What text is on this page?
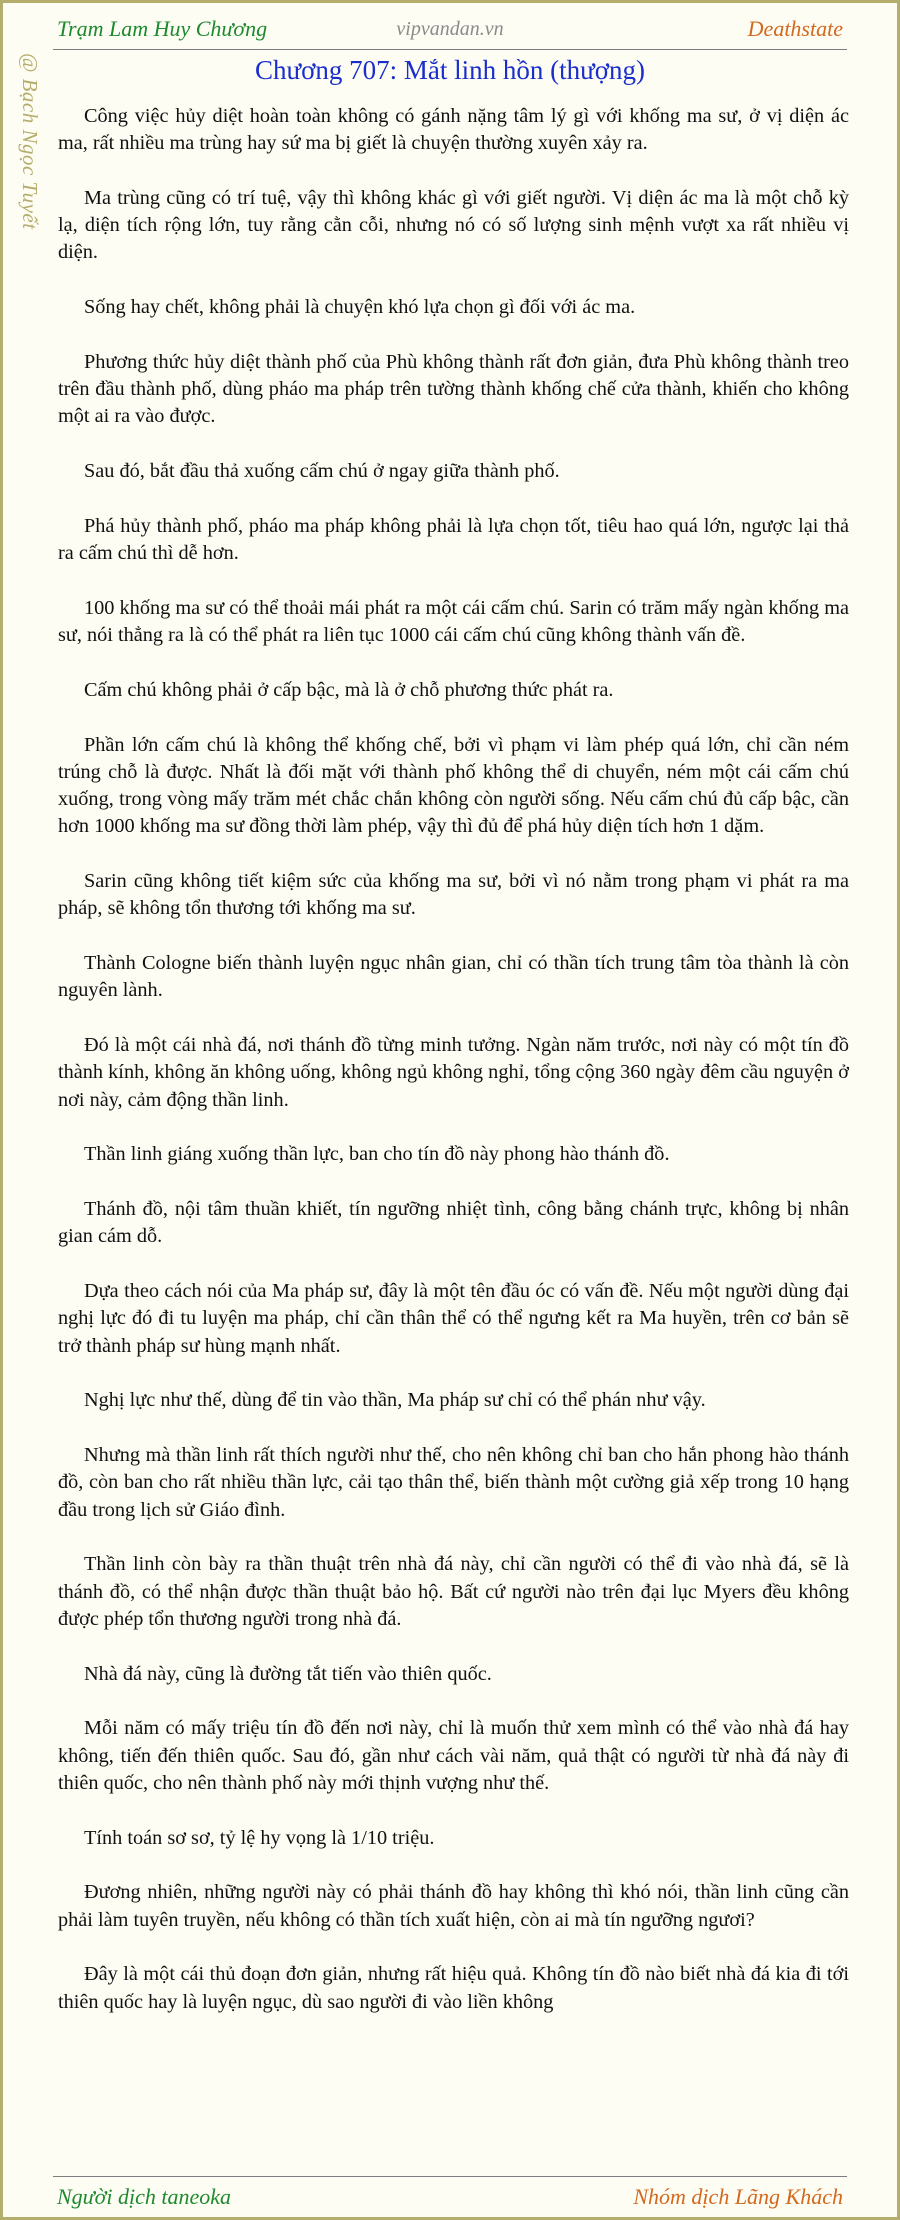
Trạm Lam Huy Chương	vipvandan.vn	Deathstate
@ Bạch Ngọc Tuyết	Chương 707: Mắt linh hồn (thượng)

Công việc hủy diệt hoàn toàn không có gánh nặng tâm lý gì với khống ma sư, ở vị diện ác ma, rất nhiều ma trùng hay sứ ma bị giết là chuyện thường xuyên xảy ra.

Ma trùng cũng có trí tuệ, vậy thì không khác gì với giết người. Vị diện ác ma là một chỗ kỳ lạ, diện tích rộng lớn, tuy rằng cằn cỗi, nhưng nó có số lượng sinh mệnh vượt xa rất nhiều vị diện.

Sống hay chết, không phải là chuyện khó lựa chọn gì đối với ác ma.

Phương thức hủy diệt thành phố của Phù không thành rất đơn giản, đưa Phù không thành treo trên đầu thành phố, dùng pháo ma pháp trên tường thành khống chế cửa thành, khiến cho không một ai ra vào được.

Sau đó, bắt đầu thả xuống cấm chú ở ngay giữa thành phố.

Phá hủy thành phố, pháo ma pháp không phải là lựa chọn tốt, tiêu hao quá lớn, ngược lại thả ra cấm chú thì dễ hơn.

100 khống ma sư có thể thoải mái phát ra một cái cấm chú. Sarin có trăm mấy ngàn khống ma sư, nói thẳng ra là có thể phát ra liên tục 1000 cái cấm chú cũng không thành vấn đề.

Cấm chú không phải ở cấp bậc, mà là ở chỗ phương thức phát ra.

Phần lớn cấm chú là không thể khống chế, bởi vì phạm vi làm phép quá lớn, chỉ cần ném trúng chỗ là được. Nhất là đối mặt với thành phố không thể di chuyển, ném một cái cấm chú xuống, trong vòng mấy trăm mét chắc chắn không còn người sống. Nếu cấm chú đủ cấp bậc, cần hơn 1000 khống ma sư đồng thời làm phép, vậy thì đủ để phá hủy diện tích hơn 1 dặm.

Sarin cũng không tiết kiệm sức của khống ma sư, bởi vì nó nằm trong phạm vi phát ra ma pháp, sẽ không tổn thương tới khống ma sư.

Thành Cologne biến thành luyện ngục nhân gian, chỉ có thần tích trung tâm tòa thành là còn nguyên lành.

Đó là một cái nhà đá, nơi thánh đồ từng minh tưởng. Ngàn năm trước, nơi này có một tín đồ thành kính, không ăn không uống, không ngủ không nghỉ, tổng cộng 360 ngày đêm cầu nguyện ở nơi này, cảm động thần linh.

Thần linh giáng xuống thần lực, ban cho tín đồ này phong hào thánh đồ.

Thánh đồ, nội tâm thuần khiết, tín ngưỡng nhiệt tình, công bằng chánh trực, không bị nhân gian cám dỗ.

Dựa theo cách nói của Ma pháp sư, đây là một tên đầu óc có vấn đề. Nếu một người dùng đại nghị lực đó đi tu luyện ma pháp, chỉ cần thân thể có thể ngưng kết ra Ma huyền, trên cơ bản sẽ trở thành pháp sư hùng mạnh nhất.

Nghị lực như thế, dùng để tin vào thần, Ma pháp sư chỉ có thể phán như vậy.

Nhưng mà thần linh rất thích người như thế, cho nên không chỉ ban cho hắn phong hào thánh đồ, còn ban cho rất nhiều thần lực, cải tạo thân thể, biến thành một cường giả xếp trong 10 hạng đầu trong lịch sử Giáo đình.

Thần linh còn bày ra thần thuật trên nhà đá này, chỉ cần người có thể đi vào nhà đá, sẽ là thánh đồ, có thể nhận được thần thuật bảo hộ. Bất cứ người nào trên đại lục Myers đều không được phép tổn thương người trong nhà đá.

Nhà đá này, cũng là đường tắt tiến vào thiên quốc.

Mỗi năm có mấy triệu tín đồ đến nơi này, chỉ là muốn thử xem mình có thể vào nhà đá hay không, tiến đến thiên quốc. Sau đó, gần như cách vài năm, quả thật có người từ nhà đá này đi thiên quốc, cho nên thành phố này mới thịnh vượng như thế.

Tính toán sơ sơ, tỷ lệ hy vọng là 1/10 triệu.

Đương nhiên, những người này có phải thánh đồ hay không thì khó nói, thần linh cũng cần phải làm tuyên truyền, nếu không có thần tích xuất hiện, còn ai mà tín ngưỡng ngươi?

Đây là một cái thủ đoạn đơn giản, nhưng rất hiệu quả. Không tín đồ nào biết nhà đá kia đi tới thiên quốc hay là luyện ngục, dù sao người đi vào liền không

Người dịch taneoka	Nhóm dịch Lãng Khách
